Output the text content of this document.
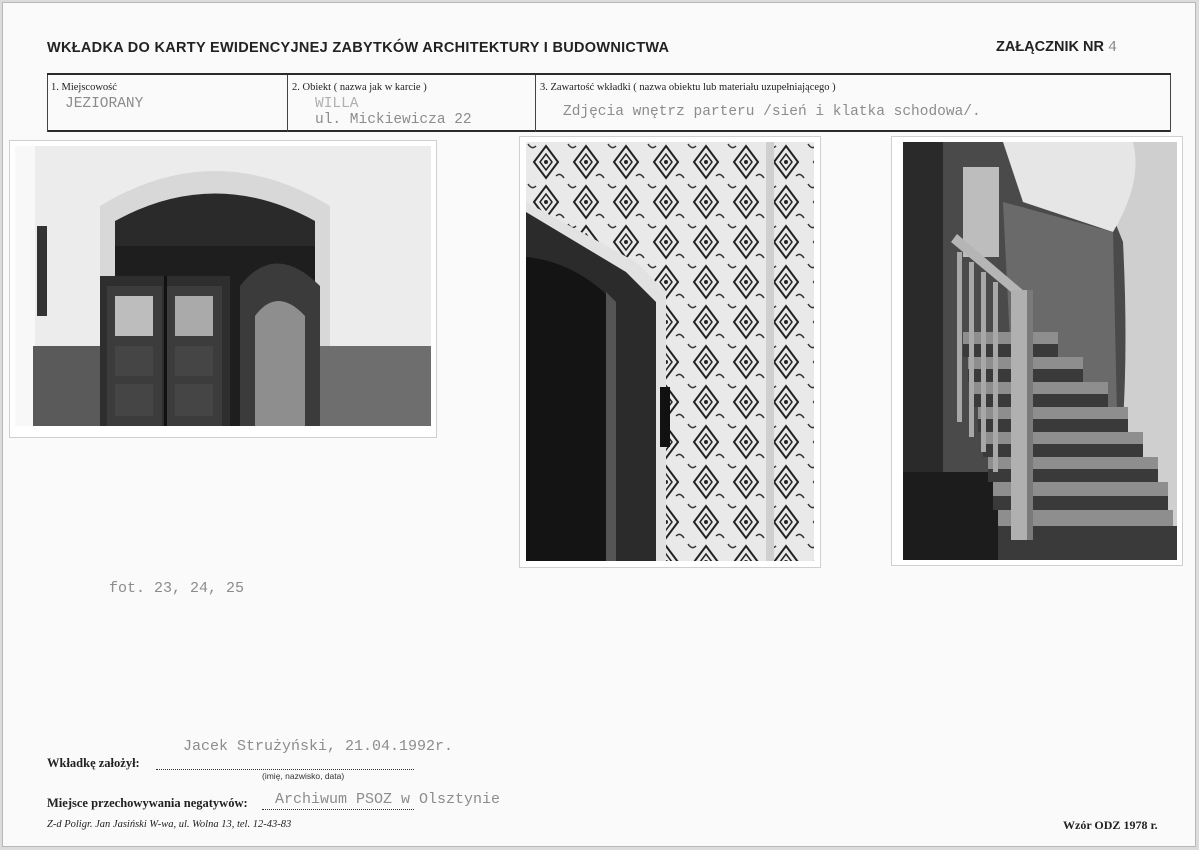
WKŁADKA DO KARTY EWIDENCYJNEJ ZABYTKÓW ARCHITEKTURY I BUDOWNICTWA	ZAŁĄCZNIK NR 4
1. Miejscowość
JEZIORANY
2. Obiekt ( nazwa jak w karcie )
WILLA
ul. Mickiewicza 22
3. Zawartość wkładki ( nazwa obiektu lub materiału uzupełniającego )
Zdjęcia wnętrz parteru /sień i klatka schodowa/.
fot. 23, 24, 25
Jacek Strużyński, 21.04.1992r.
Wkładkę założył:
(imię, nazwisko, data)
Archiwum PSOZ w Olsztynie
Miejsce przechowywania negatywów:
Z-d Poligr. Jan Jasiński W-wa, ul. Wolna 13, tel. 12-43-83	Wzór ODZ 1978 r.
